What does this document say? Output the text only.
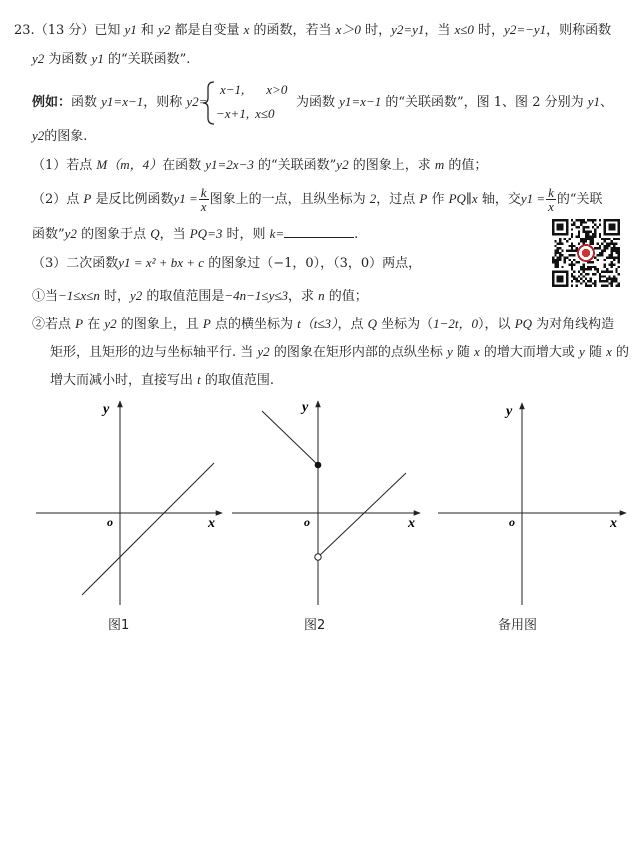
23.（13 分）已知 y1 和 y2 都是自变量 x 的函数，若当 x＞0 时，y2=y1，当 x≤0 时，y2=−y1，则称函数
y2 为函数 y1 的“关联函数”.
例如：函数 y1=x−1，则称 y2=
x−1, x>0
−x+1, x≤0
为函数 y1=x−1 的“关联函数”，图 1、图 2 分别为 y1、
y2的图象.
（1）若点 M（m，4）在函数 y1=2x−3 的“关联函数”y2 的图象上，求 m 的值；
（2）点 P 是反比例函数$y1 = \frac{k}{x}$ 图象上的一点，且纵坐标为 2，过点 P 作 PQ∥x 轴，交$y1 = \frac{k}{x}$ 的“关联
函数”y2 的图象于点 Q，当 PQ=3 时，则 k=	.
（3）二次函数y1 = x² + bx + c 的图象过（−1，0），（3，0）两点，
①当−1≤x≤n 时，y2 的取值范围是−4n−1≤y≤3，求 n 的值；
②若点 P 在 y2 的图象上，且 P 点的横坐标为 t（t≤3），点 Q 坐标为（1−2t，0），以 PQ 为对角线构造
矩形，且矩形的边与坐标轴平行. 当 y2 的图象在矩形内部的点纵坐标 y 随 x 的增大而增大或 y 随 x 的
增大而减小时，直接写出 t 的取值范围.
x
y
o	x
y
o	x
y
o
图1	图2	备用图
